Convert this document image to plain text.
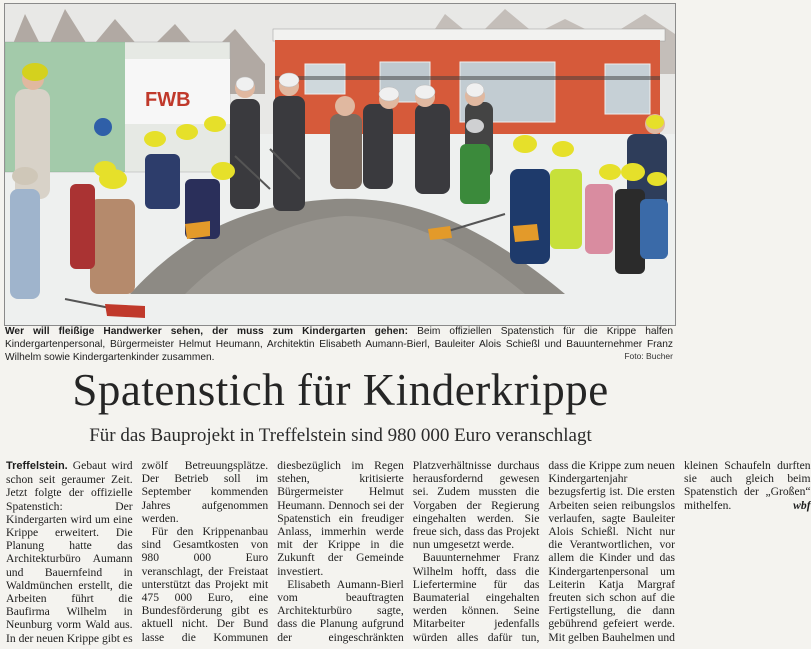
FWB
Wer will fleißige Handwerker sehen, der muss zum Kindergarten gehen: Beim offiziellen Spatenstich für die Krippe halfen Kindergartenpersonal, Bürgermeister Helmut Heumann, Architektin Elisabeth Aumann-Bierl, Bauleiter Alois Schießl und Bauunternehmer Franz Wilhelm sowie Kindergartenkinder zusammen.	Foto: Bucher
Spatenstich für Kinderkrippe
Für das Bauprojekt in Treffelstein sind 980 000 Euro veranschlagt

Treffelstein. Gebaut wird schon seit geraumer Zeit. Jetzt folgte der offizielle Spatenstich: Der Kindergarten wird um eine Krippe erweitert. Die Planung hatte das Architekturbüro Aumann und Bauernfeind in Waldmünchen erstellt, die Arbeiten führt die Baufirma Wilhelm in Neunburg vorm Wald aus. In der neuen Krippe gibt es zwölf Betreuungsplätze. Der Betrieb soll im September kommenden Jahres aufgenommen werden.

Für den Krippenanbau sind Gesamtkosten von 980 000 Euro veranschlagt, der Freistaat unterstützt das Projekt mit 475 000 Euro, eine Bundesförderung gibt es aktuell nicht. Der Bund lasse die Kommunen diesbezüglich im Regen stehen, kritisierte Bürgermeister Helmut Heumann. Dennoch sei der Spatenstich ein freudiger Anlass, immerhin werde mit der Krippe in die Zukunft der Gemeinde investiert.

Elisabeth Aumann-Bierl vom beauftragten Architekturbüro sagte, dass die Planung aufgrund der eingeschränkten Platzverhältnisse durchaus herausfordernd gewesen sei. Zudem mussten die Vorgaben der Regierung eingehalten werden. Sie freue sich, dass das Projekt nun umgesetzt werde.

Bauunternehmer Franz Wilhelm hofft, dass die Liefertermine für das Baumaterial eingehalten werden können. Seine Mitarbeiter jedenfalls würden alles dafür tun, dass die Krippe zum neuen Kindergartenjahr bezugsfertig ist. Die ersten Arbeiten seien reibungslos verlaufen, sagte Bauleiter Alois Schießl. Nicht nur die Verantwortlichen, vor allem die Kinder und das Kindergartenpersonal um Leiterin Katja Margraf freuten sich schon auf die Fertigstellung, die dann gebührend gefeiert werde. Mit gelben Bauhelmen und kleinen Schaufeln durften sie auch gleich beim Spatenstich der „Großen“ mithelfen.	wbf
